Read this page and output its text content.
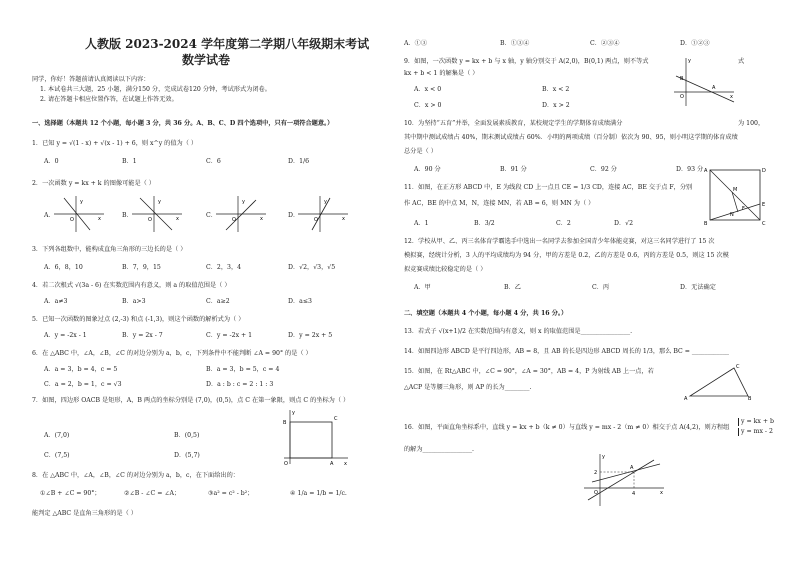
人教版 2023-2024 学年度第二学期八年级期末考试
数学试卷
同学，你好！答题前请认真阅读以下内容：
1. 本试卷共三大题，25 小题，满分150 分，完成试卷120 分钟，考试形式为闭卷。
2. 请在答题卡相应位置作答，在试题上作答无效。
一、选择题（本题共 12 个小题，每小题 3 分，共 36 分。A、B、C、D 四个选项中，只有一项符合题意。）
1．已知 y = √(1 - x) + √(x - 1) + 6，则 x^y 的值为（ ）
A．0	B．1	C．6	D．1/6
2．一次函数 y = kx + k 的图像可能是（ ）
A．
y
x
O
B．
y
x
O
C．
y
x
O
D．
y
x
O
3．下列各组数中，能构成直角三角形的三边长的是（ ）
A．6，8，10	B．7，9，15	C．2，3，4	D．√2，√3，√5
4．若二次根式 √(3a - 6) 在实数范围内有意义，则 a 的取值范围是（ ）
A．a≠3	B．a>3	C．a≥2	D．a≤3
5．已知一次函数的图象过点 (2,-3) 和点 (-1,3)，则这个函数的解析式为（ ）
A．y = -2x - 1	B．y = 2x - 7	C．y = -2x + 1	D．y = 2x + 5
6．在 △ABC 中，∠A，∠B，∠C 的对边分别为 a，b，c，下列条件中不能判断 ∠A = 90° 的是（ ）
A．a = 3，b = 4，c = 5	B．a = 3，b = 5，c = 4
C．a = 2，b = 1，c = √3	D．a : b : c = 2 : 1 : 3
7．如图，四边形 OACB 是矩形，A，B 两点的坐标分别是 (7,0)，(0,5)，点 C 在第一象限，则点 C 的坐标为（ ）
A．(7,0)	B．(0,5)
C．(7,5)	D．(5,7)
B
C
A
O	x
y
8．在 △ABC 中，∠A，∠B，∠C 的对边分别为 a，b，c，在下面给出的：
①∠B + ∠C = 90°；	②∠B - ∠C = ∠A；	③a² = c² - b²；	④ 1/a = 1/b = 1/c.
能判定 △ABC 是直角三角形的是（ ）
A．①③	B．①③④	C．②③④	D．①②③
9．如图，一次函数 y = kx + b 与 x 轴，y 轴分别交于 A(2,0)，B(0,1) 两点，则不等式
kx + b < 1 的解集是（ ）
式
A．x < 0	B．x < 2
C．x > 0	D．x > 2
B
O
A
x
y
10．为坚持“五育”并举，全面发展素质教育，某校规定学生的学期体育成绩满分	为 100，
其中期中测试成绩占 40%，期末测试成绩占 60%．小明的两项成绩（百分制）依次为 90、95，则小明这学期的体育成绩
总分是（ ）
A．90 分	B．91 分	C．92 分	D．93 分
11．如图，在正方形 ABCD 中，E 为线段 CD 上一点且 CE = 1/3 CD，连接 AC，BE 交于点 F，分别
作 AC，BE 的中点 M，N，连接 MN，若 AB = 6，则 MN 为（ ）
A．1	B．3/2	C．2	D．√2
A	D
B	C
E
F
M
N
12．学校从甲、乙、丙三名体育学霸选手中选出一名同学去参加全国青少年体能竞赛，对这三名同学进行了 15 次
模拟赛，经统计分析，3 人的平均成绩均为 94 分，甲的方差是 0.2，乙的方差是 0.6，丙的方差是 0.5，则这 15 次模
拟竞赛成绩比较稳定的是（ ）
A．甲	B．乙	C．丙	D．无法确定
二、填空题（本题共 4 个小题，每小题 4 分，共 16 分。）
13．若式子 √(x+1)/2 在实数范围内有意义，则 x 的取值范围是________________.
14．如图四边形 ABCD 是平行四边形，AB = 8，且 AB 的长是四边形 ABCD 周长的 1/3，那么 BC = ____________
15．如图，在 Rt△ABC 中，∠C = 90°，∠A = 30°，AB = 4，P 为射线 AB 上一点，若
△ACP 是等腰三角形，则 AP 的长为________.
A	B
C
16．如图，平面直角坐标系中，直线 y = kx + b（k ≠ 0）与直线 y = mx - 2（m ≠ 0）相交于点 A(4,2)，则方程组
y = kx + b
y = mx - 2
的解为________________.
2
4
A
O	x
y
